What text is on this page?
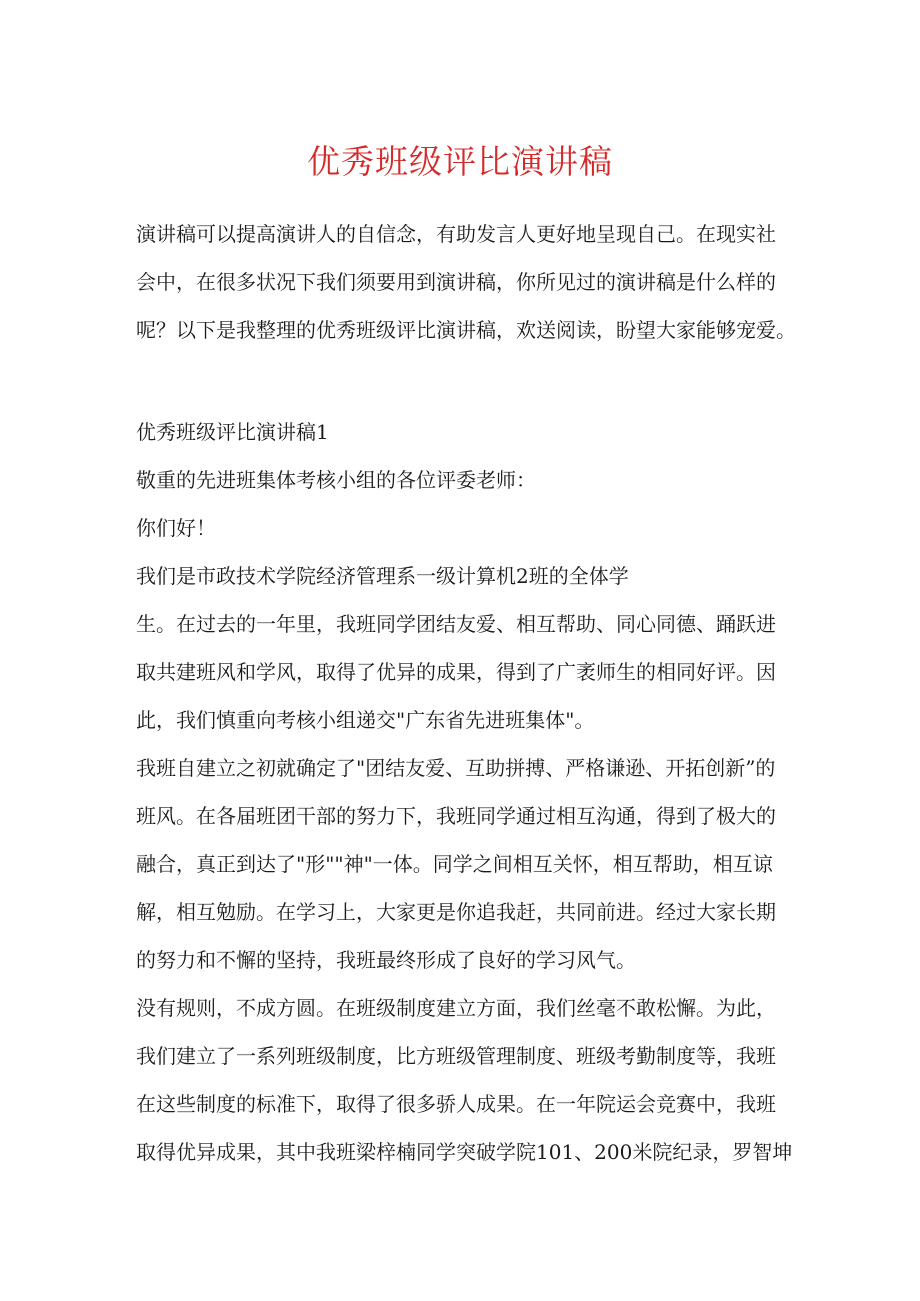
优秀班级评比演讲稿

演讲稿可以提高演讲人的自信念，有助发言人更好地呈现自己。在现实社

会中，在很多状况下我们须要用到演讲稿，你所见过的演讲稿是什么样的

呢？以下是我整理的优秀班级评比演讲稿，欢送阅读，盼望大家能够宠爱。

优秀班级评比演讲稿1

敬重的先进班集体考核小组的各位评委老师：

你们好！

我们是市政技术学院经济管理系一级计算机2班的全体学

生。在过去的一年里，我班同学团结友爱、相互帮助、同心同德、踊跃进

取共建班风和学风，取得了优异的成果，得到了广袤师生的相同好评。因

此，我们慎重向考核小组递交"广东省先进班集体"。

我班自建立之初就确定了"团结友爱、互助拼搏、严格谦逊、开拓创新”的

班风。在各届班团干部的努力下，我班同学通过相互沟通，得到了极大的

融合，真正到达了"形""神"一体。同学之间相互关怀，相互帮助，相互谅

解，相互勉励。在学习上，大家更是你追我赶，共同前进。经过大家长期

的努力和不懈的坚持，我班最终形成了良好的学习风气。

没有规则，不成方圆。在班级制度建立方面，我们丝毫不敢松懈。为此，

我们建立了一系列班级制度，比方班级管理制度、班级考勤制度等，我班

在这些制度的标准下，取得了很多骄人成果。在一年院运会竞赛中，我班

取得优异成果，其中我班梁梓楠同学突破学院101、200米院纪录，罗智坤
